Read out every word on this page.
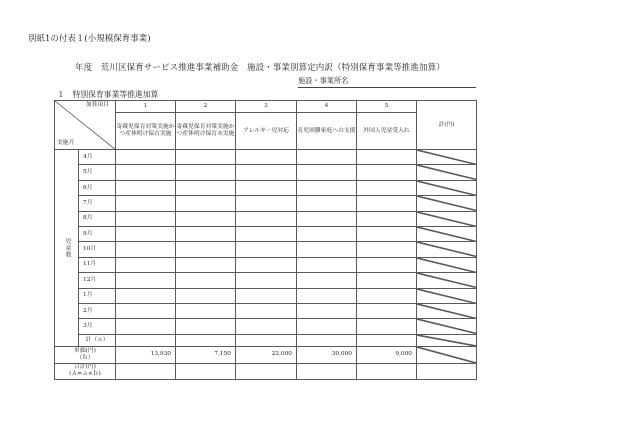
別紙1の付表１(小規模保育事業)
年度　荒川区保育サービス推進事業補助金　施設・事業別算定内訳（特別保育事業等推進加算）
施設・事業所名
１　特別保育事業等推進加算
加算項目
実施月		1	2	3	4	5	計(円)
		寄蔵児保育対策実施かつ産休明け保育実施	寄蔵児保育対策実施かつ産休明け保育未実施	アレルギー児対応	育児困難家庭への支援	外国人児童受入れ	

児童数	4月						

	5月						

	6月						

	7月						

	8月						

	9月						

	10月						

	11月						

	12月						

	1月						

	2月						

	3月						

	計（ａ）						

単価(円)
（ｂ）		13,930	7,150	22,000	30,000	9,000	

合計(円)
(Ａ=ａ×ｂ)							
